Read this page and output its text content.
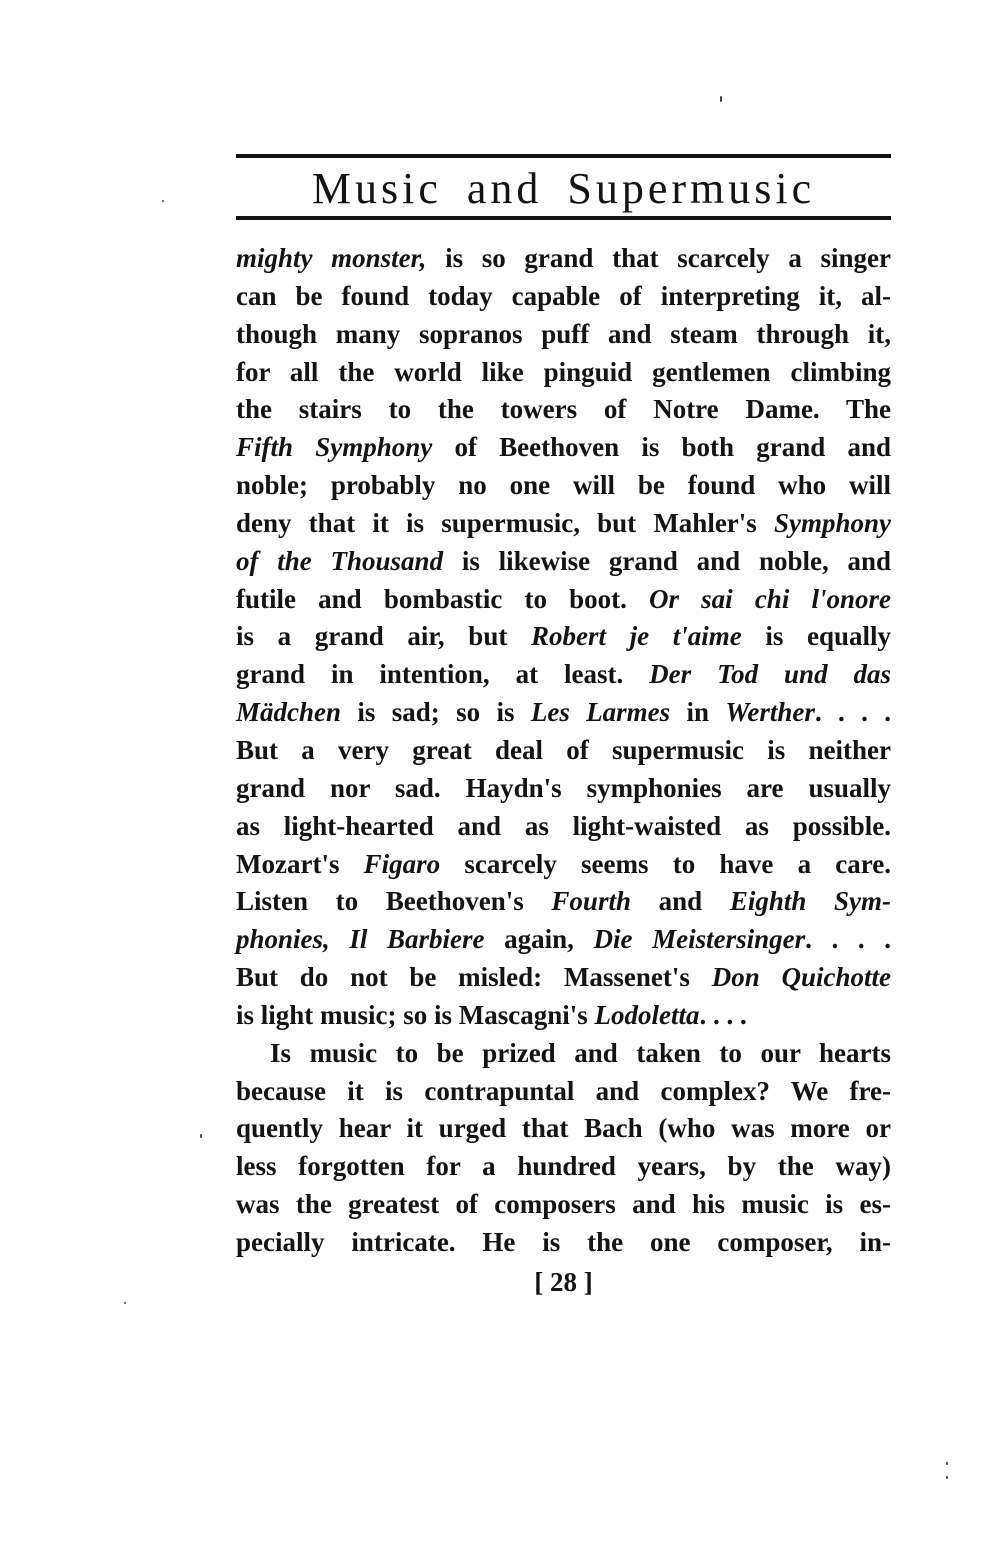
Music and Supermusic
mighty monster, is so grand that scarcely a singer
can be found today capable of interpreting it, al-
though many sopranos puff and steam through it,
for all the world like pinguid gentlemen climbing
the stairs to the towers of Notre Dame. The
Fifth Symphony of Beethoven is both grand and
noble; probably no one will be found who will
deny that it is supermusic, but Mahler's Symphony
of the Thousand is likewise grand and noble, and
futile and bombastic to boot. Or sai chi l'onore
is a grand air, but Robert je t'aime is equally
grand in intention, at least. Der Tod und das
Mädchen is sad; so is Les Larmes in Werther. . . .
But a very great deal of supermusic is neither
grand nor sad. Haydn's symphonies are usually
as light-hearted and as light-waisted as possible.
Mozart's Figaro scarcely seems to have a care.
Listen to Beethoven's Fourth and Eighth Sym-
phonies, Il Barbiere again, Die Meistersinger. . . .
But do not be misled: Massenet's Don Quichotte
is light music; so is Mascagni's Lodoletta. . . .
Is music to be prized and taken to our hearts
because it is contrapuntal and complex? We fre-
quently hear it urged that Bach (who was more or
less forgotten for a hundred years, by the way)
was the greatest of composers and his music is es-
pecially intricate. He is the one composer, in-
[ 28 ]
